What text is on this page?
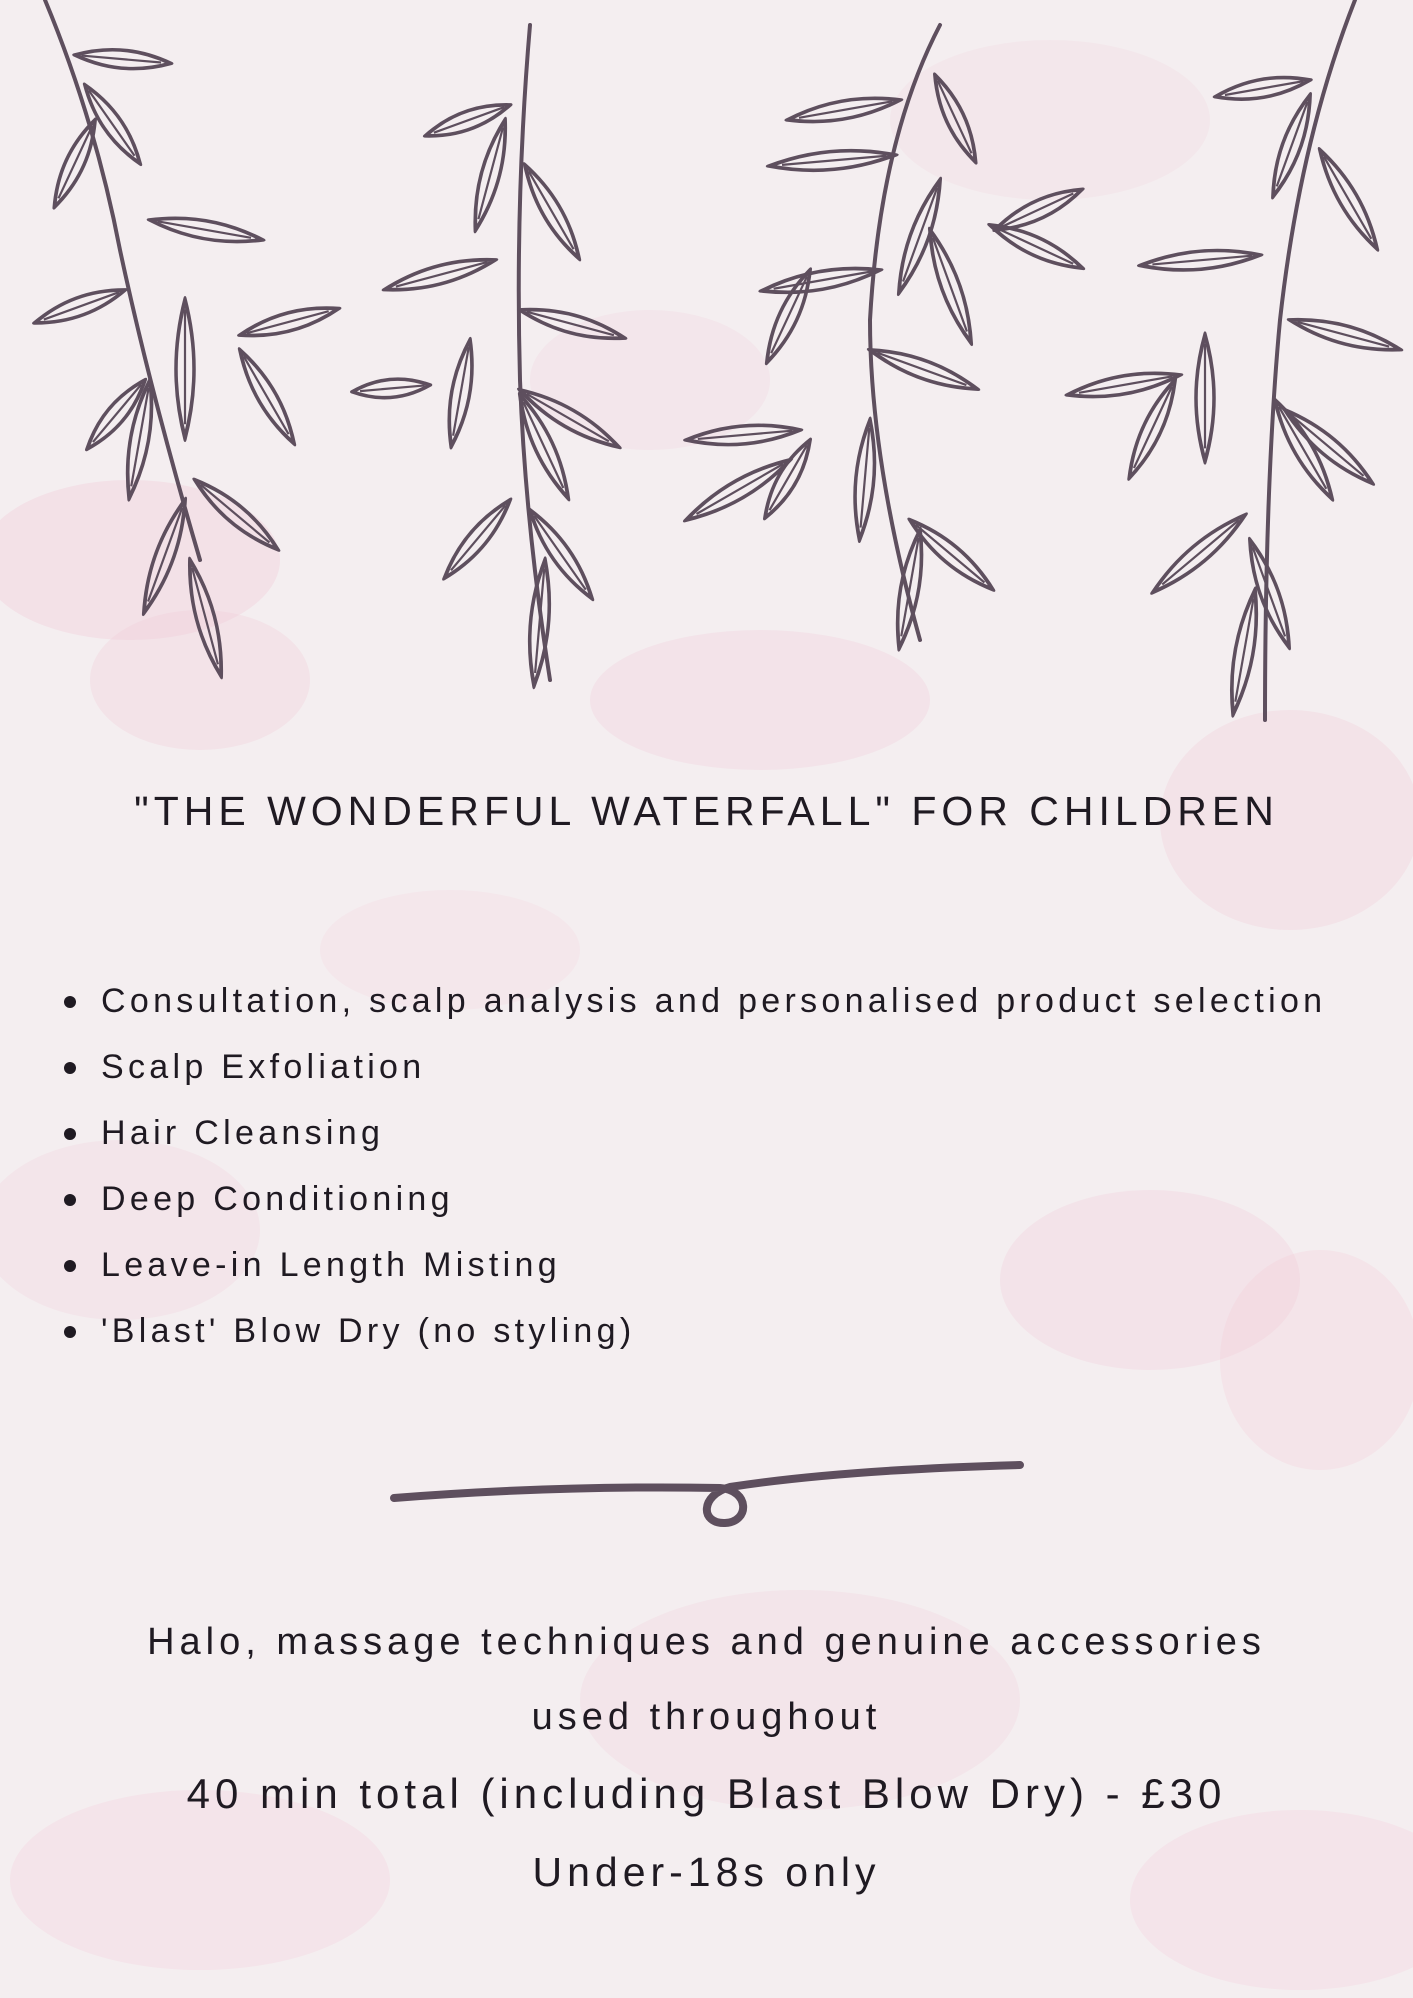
"THE WONDERFUL WATERFALL" FOR CHILDREN
Consultation, scalp analysis and personalised product selection
Scalp Exfoliation
Hair Cleansing
Deep Conditioning
Leave-in Length Misting
'Blast' Blow Dry (no styling)

Halo, massage techniques and genuine accessories used throughout

40 min total (including Blast Blow Dry) - £30

Under-18s only
